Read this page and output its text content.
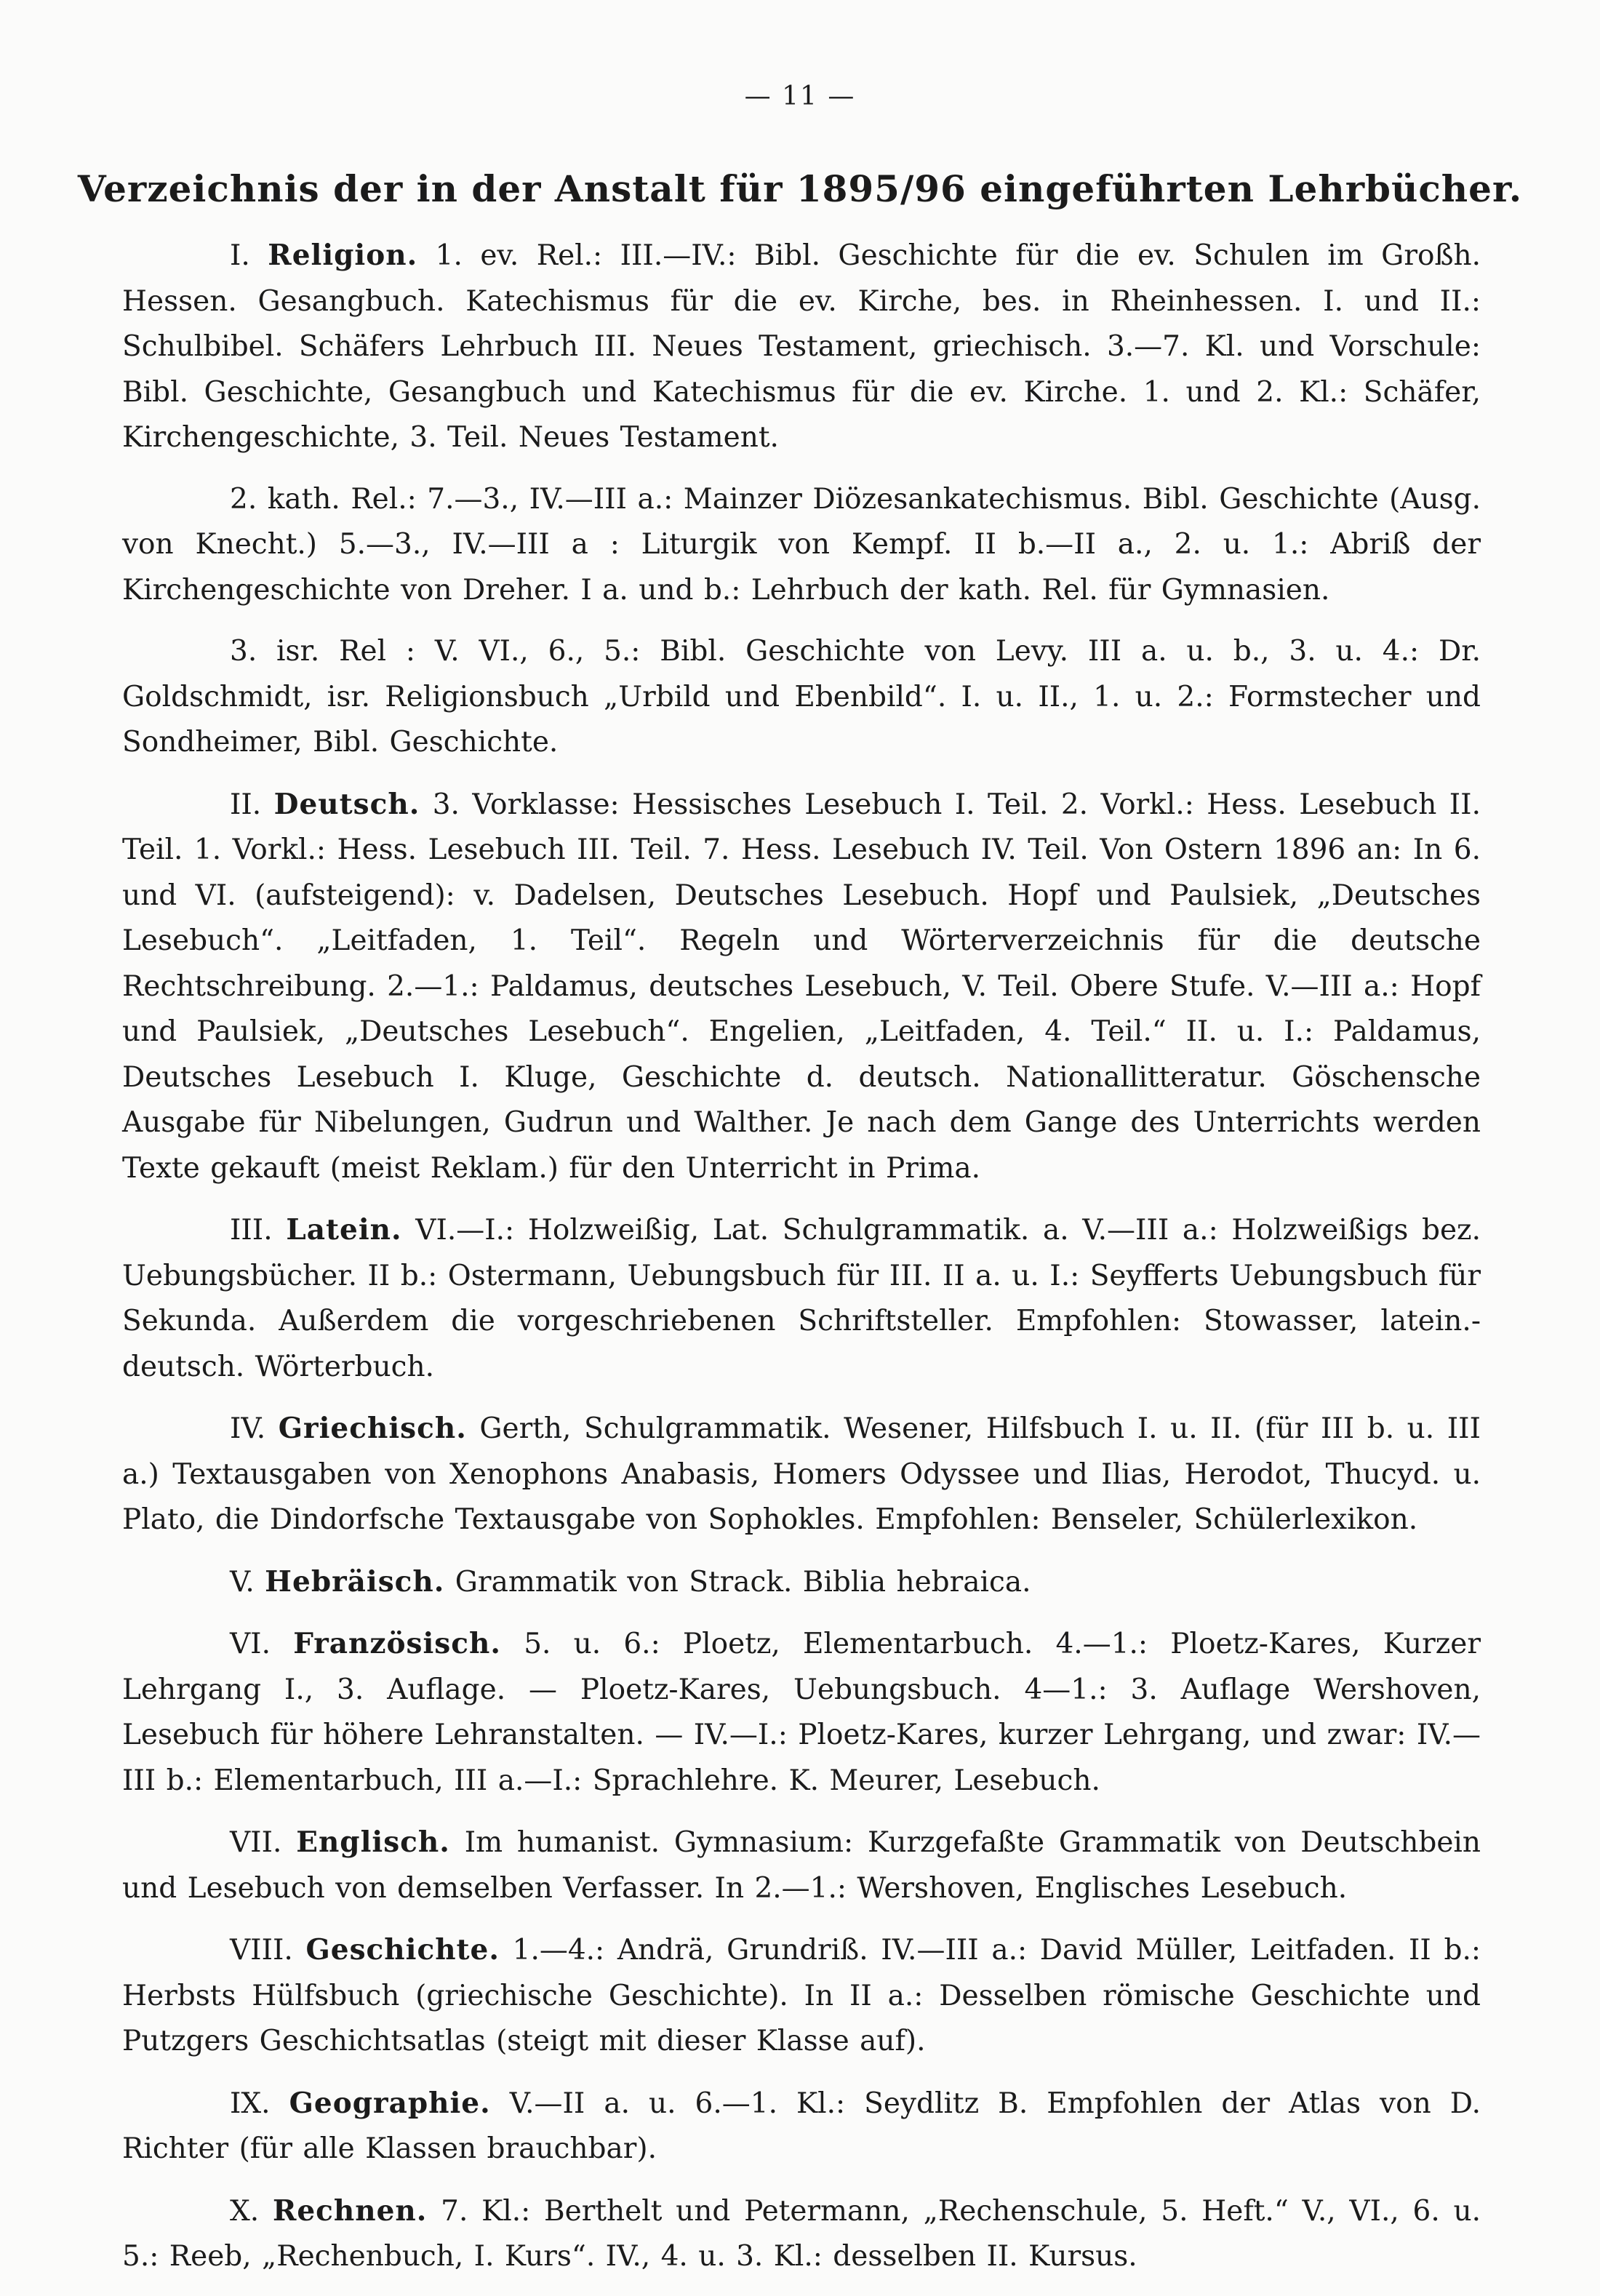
— 11 —
Verzeichnis der in der Anstalt für 1895/96 eingeführten Lehrbücher.

I. Religion. 1. ev. Rel.: III.—IV.: Bibl. Geschichte für die ev. Schulen im Großh. Hessen. Gesangbuch. Katechismus für die ev. Kirche, bes. in Rheinhessen. I. und II.: Schulbibel. Schäfers Lehrbuch III. Neues Testament, griechisch. 3.—7. Kl. und Vorschule: Bibl. Geschichte, Gesangbuch und Katechismus für die ev. Kirche. 1. und 2. Kl.: Schäfer, Kirchengeschichte, 3. Teil. Neues Testament.

2. kath. Rel.: 7.—3., IV.—III a.: Mainzer Diözesankatechismus. Bibl. Geschichte (Ausg. von Knecht.) 5.—3., IV.—III a : Liturgik von Kempf. II b.—II a., 2. u. 1.: Abriß der Kirchengeschichte von Dreher. I a. und b.: Lehrbuch der kath. Rel. für Gymnasien.

3. isr. Rel : V. VI., 6., 5.: Bibl. Geschichte von Levy. III a. u. b., 3. u. 4.: Dr. Goldschmidt, isr. Religionsbuch „Urbild und Ebenbild“. I. u. II., 1. u. 2.: Formstecher und Sondheimer, Bibl. Geschichte.

II. Deutsch. 3. Vorklasse: Hessisches Lesebuch I. Teil. 2. Vorkl.: Hess. Lesebuch II. Teil. 1. Vorkl.: Hess. Lesebuch III. Teil. 7. Hess. Lesebuch IV. Teil. Von Ostern 1896 an: In 6. und VI. (aufsteigend): v. Dadelsen, Deutsches Lesebuch. Hopf und Paulsiek, „Deutsches Lesebuch“. „Leitfaden, 1. Teil“. Regeln und Wörterverzeichnis für die deutsche Rechtschreibung. 2.—1.: Paldamus, deutsches Lesebuch, V. Teil. Obere Stufe. V.—III a.: Hopf und Paulsiek, „Deutsches Lesebuch“. Engelien, „Leitfaden, 4. Teil.“ II. u. I.: Paldamus, Deutsches Lesebuch I. Kluge, Geschichte d. deutsch. Nationallitteratur. Göschensche Ausgabe für Nibelungen, Gudrun und Walther. Je nach dem Gange des Unterrichts werden Texte gekauft (meist Reklam.) für den Unterricht in Prima.

III. Latein. VI.—I.: Holzweißig, Lat. Schulgrammatik. a. V.—III a.: Holzweißigs bez. Uebungsbücher. II b.: Ostermann, Uebungsbuch für III. II a. u. I.: Seyfferts Uebungsbuch für Sekunda. Außerdem die vorgeschriebenen Schriftsteller. Empfohlen: Stowasser, latein.-deutsch. Wörterbuch.

IV. Griechisch. Gerth, Schulgrammatik. Wesener, Hilfsbuch I. u. II. (für III b. u. III a.) Textausgaben von Xenophons Anabasis, Homers Odyssee und Ilias, Herodot, Thucyd. u. Plato, die Dindorfsche Textausgabe von Sophokles. Empfohlen: Benseler, Schülerlexikon.

V. Hebräisch. Grammatik von Strack. Biblia hebraica.

VI. Französisch. 5. u. 6.: Ploetz, Elementarbuch. 4.—1.: Ploetz-Kares, Kurzer Lehrgang I., 3. Auflage. — Ploetz-Kares, Uebungsbuch. 4—1.: 3. Auflage Wershoven, Lesebuch für höhere Lehranstalten. — IV.—I.: Ploetz-Kares, kurzer Lehrgang, und zwar: IV.—III b.: Elementarbuch, III a.—I.: Sprachlehre. K. Meurer, Lesebuch.

VII. Englisch. Im humanist. Gymnasium: Kurzgefaßte Grammatik von Deutschbein und Lesebuch von demselben Verfasser. In 2.—1.: Wershoven, Englisches Lesebuch.

VIII. Geschichte. 1.—4.: Andrä, Grundriß. IV.—III a.: David Müller, Leitfaden. II b.: Herbsts Hülfsbuch (griechische Geschichte). In II a.: Desselben römische Geschichte und Putzgers Geschichtsatlas (steigt mit dieser Klasse auf).

IX. Geographie. V.—II a. u. 6.—1. Kl.: Seydlitz B. Empfohlen der Atlas von D. Richter (für alle Klassen brauchbar).

X. Rechnen. 7. Kl.: Berthelt und Petermann, „Rechenschule, 5. Heft.“ V., VI., 6. u. 5.: Reeb, „Rechenbuch, I. Kurs“. IV., 4. u. 3. Kl.: desselben II. Kursus.
